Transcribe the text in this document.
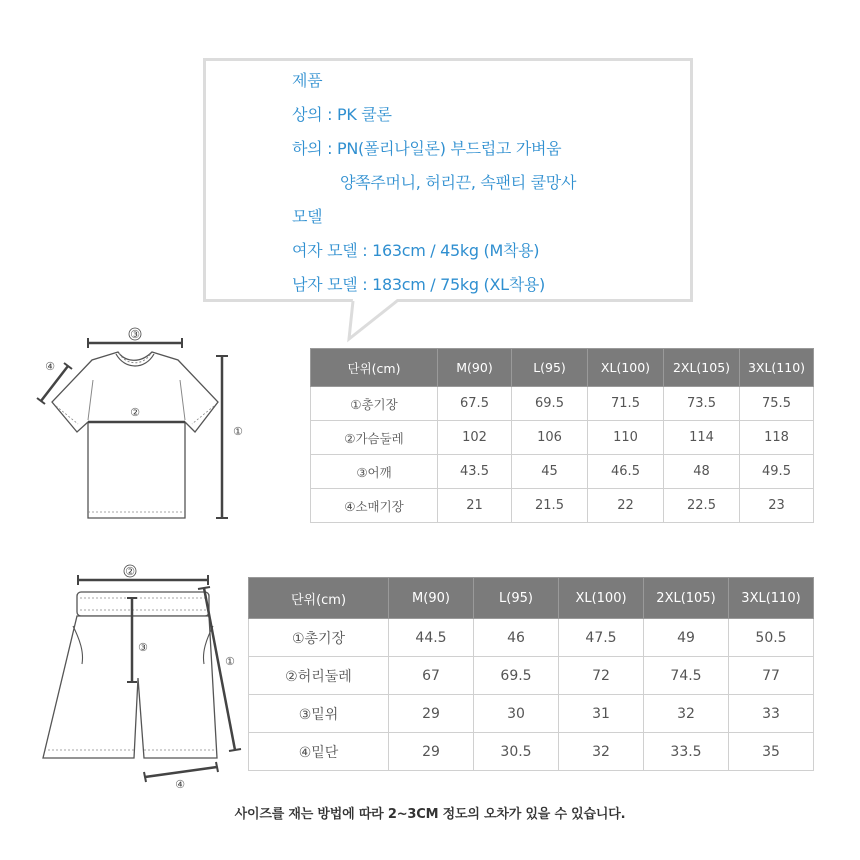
제품
상의 : PK 쿨론
하의 : PN(폴리나일론) 부드럽고 가벼움
양쪽주머니, 허리끈, 속팬티 쿨망사
모델
여자 모델 : 163cm / 45kg (M착용)
남자 모델 : 183cm / 75kg (XL착용)
③
②
④
①
단위(cm)	M(90)	L(95)	XL(100)	2XL(105)	3XL(110)
①총기장	67.5	69.5	71.5	73.5	75.5
②가슴둘레	102	106	110	114	118
③어깨	43.5	45	46.5	48	49.5
④소매기장	21	21.5	22	22.5	23
②
③
①
④
단위(cm)	M(90)	L(95)	XL(100)	2XL(105)	3XL(110)
①총기장	44.5	46	47.5	49	50.5
②허리둘레	67	69.5	72	74.5	77
③밑위	29	30	31	32	33
④밑단	29	30.5	32	33.5	35
사이즈를 재는 방법에 따라 2~3CM 정도의 오차가 있을 수 있습니다.
